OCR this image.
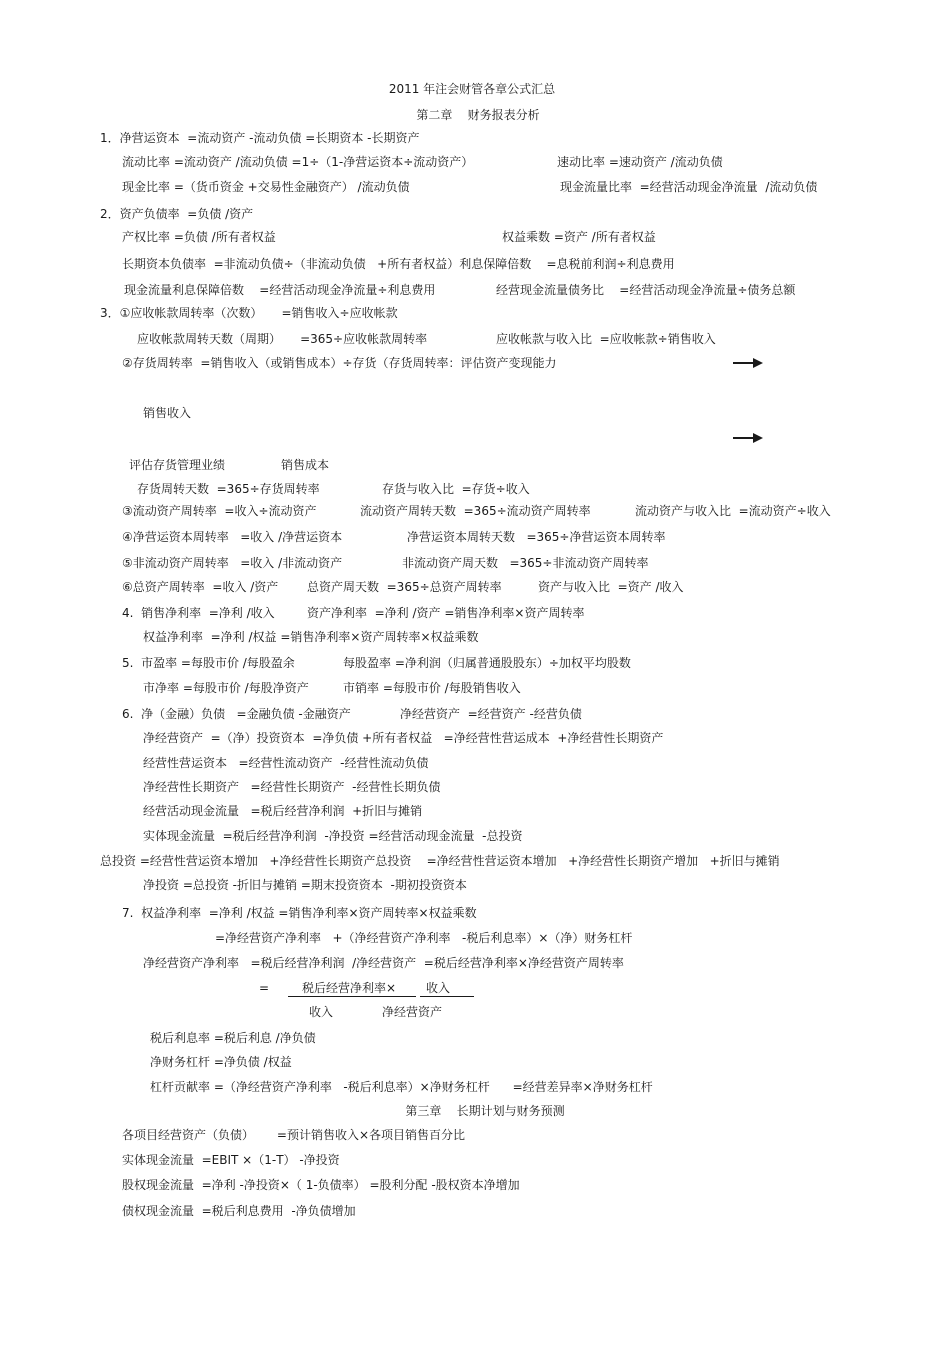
2011 年注会财管各章公式汇总
第二章    财务报表分析
1．净营运资本  =流动资产 -流动负债 =长期资本 -长期资产
流动比率 =流动资产 /流动负债 =1÷（1-净营运资本÷流动资产）	速动比率 =速动资产 /流动负债
现金比率 =（货币资金 +交易性金融资产） /流动负债	现金流量比率  =经营活动现金净流量  /流动负债
2．资产负债率  =负债 /资产
产权比率 =负债 /所有者权益	权益乘数 =资产 /所有者权益
长期资本负债率  =非流动负债÷（非流动负债   +所有者权益）利息保障倍数    =息税前利润÷利息费用
现金流量利息保障倍数    =经营活动现金净流量÷利息费用	经营现金流量债务比    =经营活动现金净流量÷债务总额
3．①应收帐款周转率（次数）     =销售收入÷应收帐款
应收帐款周转天数（周期）     =365÷应收帐款周转率	应收帐款与收入比  =应收帐款÷销售收入
②存货周转率  =销售收入（或销售成本）÷存货（存货周转率：评估资产变现能力
销售收入
评估存货管理业绩	销售成本
存货周转天数  =365÷存货周转率	存货与收入比  =存货÷收入
③流动资产周转率  =收入÷流动资产	流动资产周转天数  =365÷流动资产周转率	流动资产与收入比  =流动资产÷收入
④净营运资本周转率   =收入 /净营运资本	净营运资本周转天数   =365÷净营运资本周转率
⑤非流动资产周转率   =收入 /非流动资产	非流动资产周天数   =365÷非流动资产周转率
⑥总资产周转率  =收入 /资产 总资产周天数  =365÷总资产周转率	资产与收入比  =资产 /收入
4.  销售净利率  =净利 /收入	资产净利率  =净利 /资产 =销售净利率×资产周转率
权益净利率  =净利 /权益 =销售净利率×资产周转率×权益乘数
5.  市盈率 =每股市价 /每股盈余	每股盈率 =净利润（归属普通股股东）÷加权平均股数
市净率 =每股市价 /每股净资产	市销率 =每股市价 /每股销售收入
6.  净（金融）负债   =金融负债 -金融资产	净经营资产  =经营资产 -经营负债
净经营资产  =（净）投资资本  =净负债 +所有者权益   =净经营性营运成本  +净经营性长期资产
经营性营运资本   =经营性流动资产  -经营性流动负债
净经营性长期资产   =经营性长期资产  -经营性长期负债
经营活动现金流量   =税后经营净利润  +折旧与摊销
实体现金流量  =税后经营净利润  -净投资 =经营活动现金流量  -总投资
总投资 =经营性营运资本增加   +净经营性长期资产总投资    =净经营性营运资本增加   +净经营性长期资产增加   +折旧与摊销
净投资 =总投资 -折旧与摊销 =期末投资资本  -期初投资资本
7.  权益净利率  =净利 /权益 =销售净利率×资产周转率×权益乘数
=净经营资产净利率   +（净经营资产净利率   -税后利息率）×（净）财务杠杆
净经营资产净利率   =税后经营净利润  /净经营资产  =税后经营净利率×净经营资产周转率
=	税后经营净利率× 收入
收入	净经营资产
税后利息率 =税后利息 /净负债
净财务杠杆 =净负债 /权益
杠杆贡献率 =（净经营资产净利率   -税后利息率）×净财务杠杆      =经营差异率×净财务杠杆
第三章    长期计划与财务预测
各项目经营资产（负债）      =预计销售收入×各项目销售百分比
实体现金流量  =EBIT ×（1-T） -净投资
股权现金流量  =净利 -净投资×（ 1-负债率） =股利分配 -股权资本净增加
债权现金流量  =税后利息费用  -净负债增加
